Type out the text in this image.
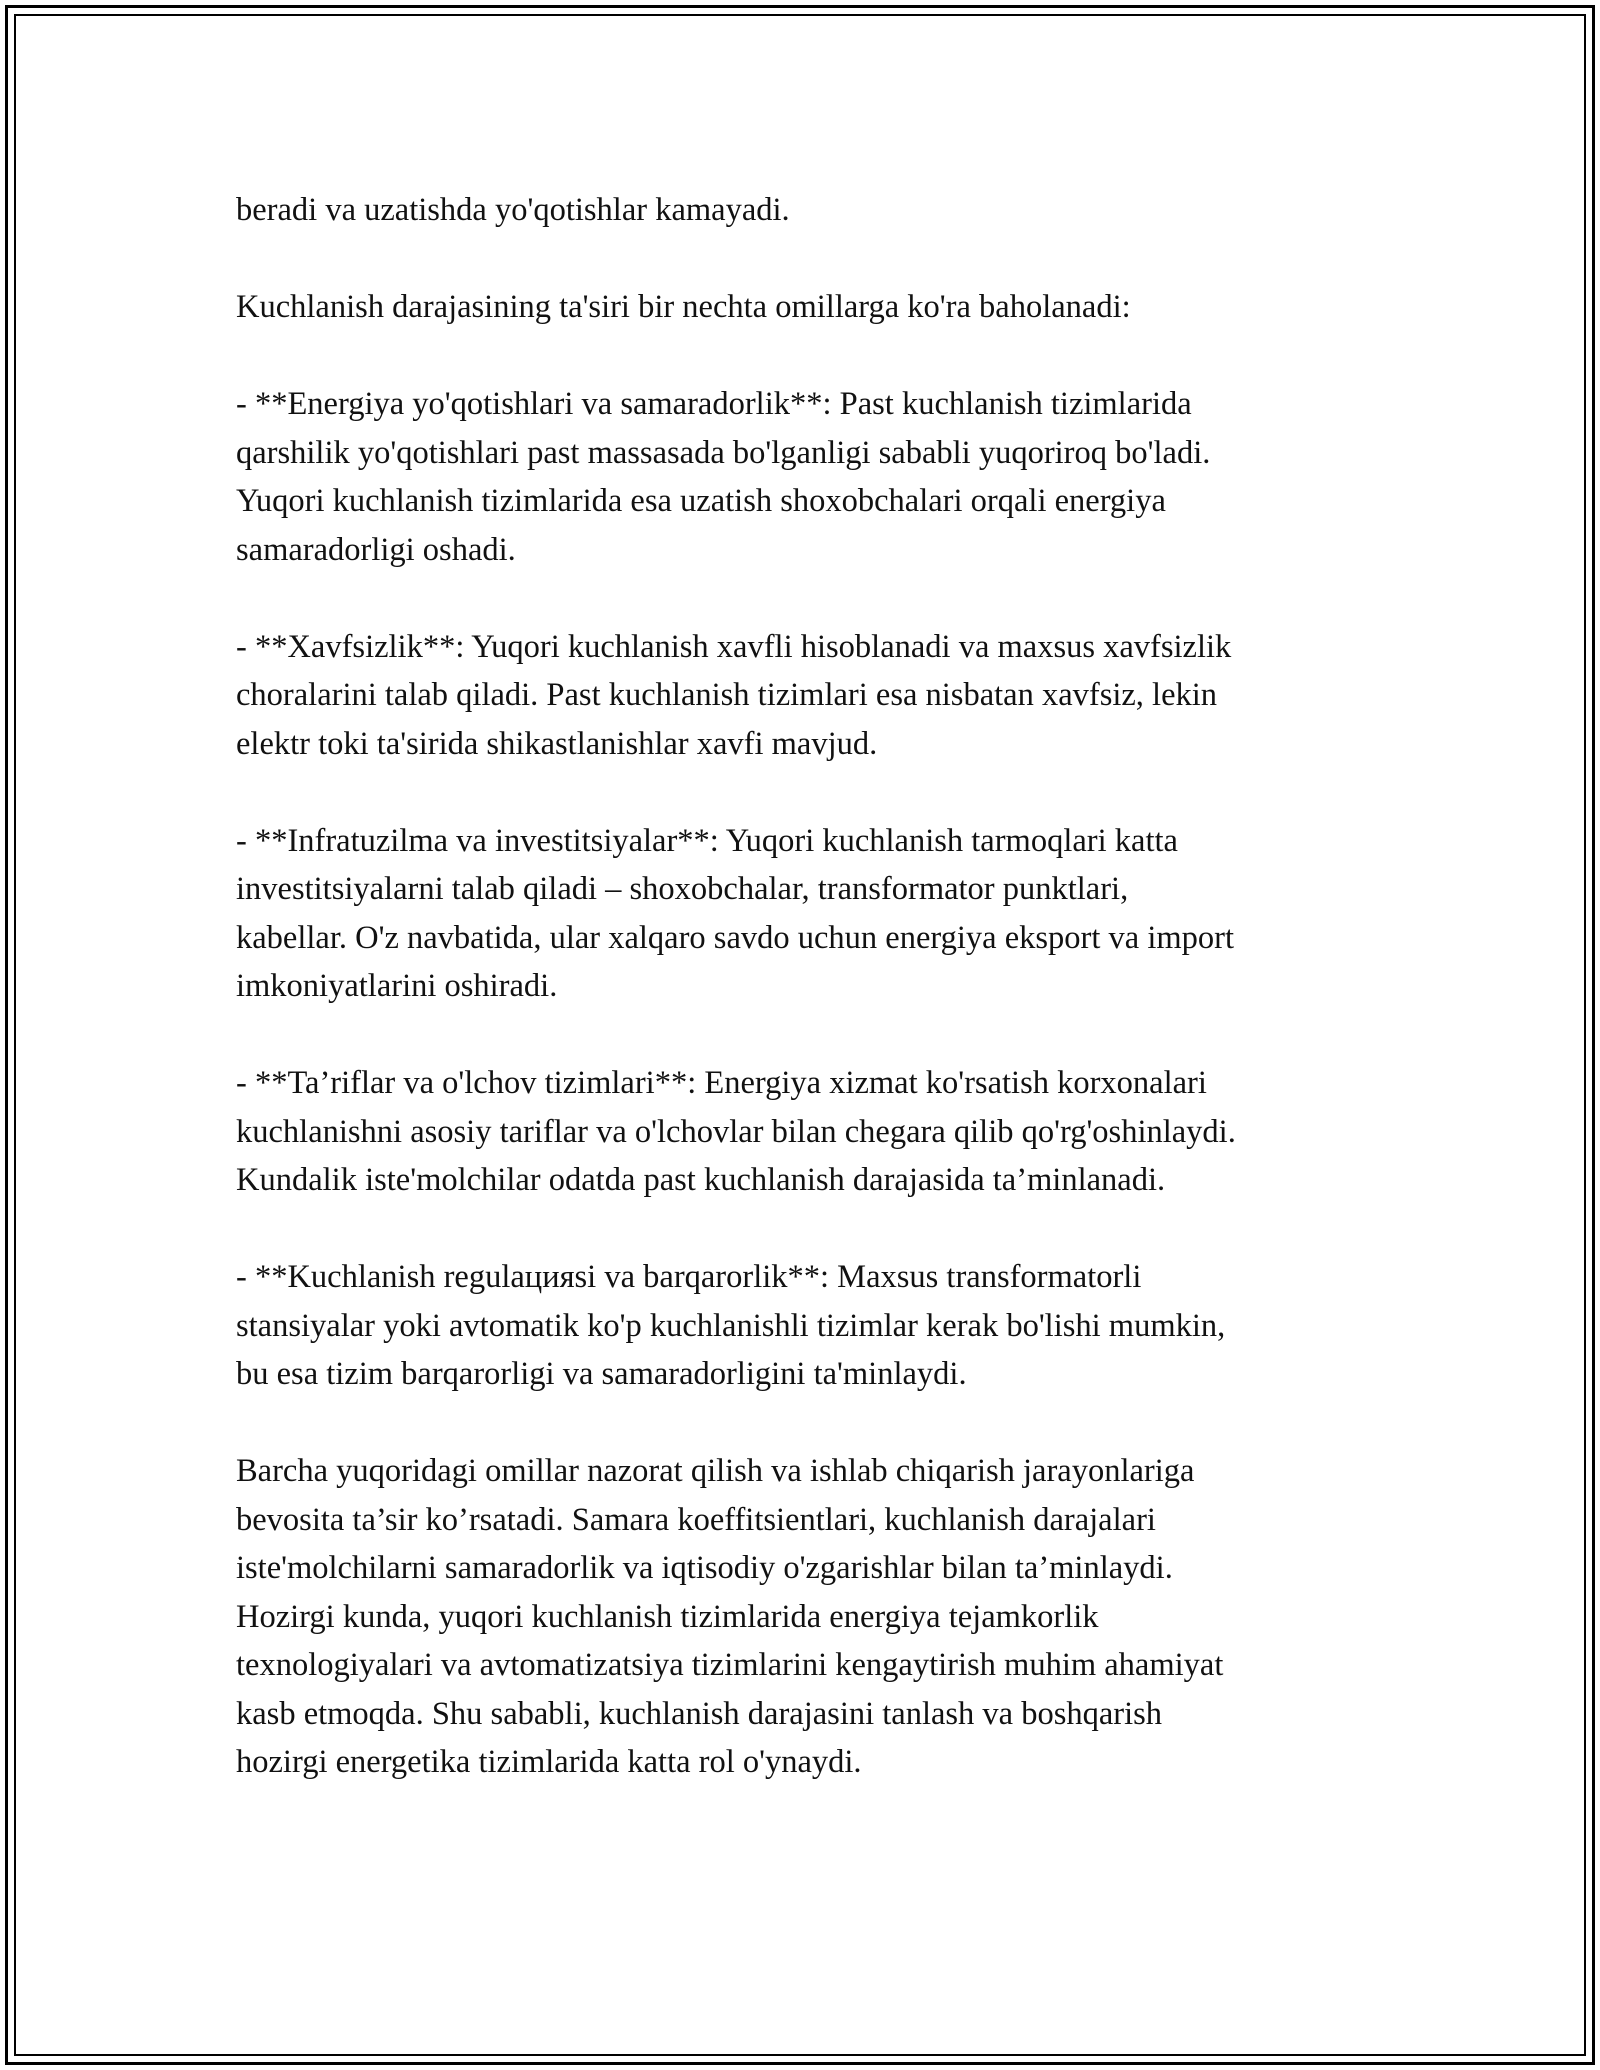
beradi va uzatishda yo'qotishlar kamayadi.

Kuchlanish darajasining ta'siri bir nechta omillarga ko'ra baholanadi:

- **Energiya yo'qotishlari va samaradorlik**: Past kuchlanish tizimlarida
qarshilik yo'qotishlari past massasada bo'lganligi sababli yuqoriroq bo'ladi.
Yuqori kuchlanish tizimlarida esa uzatish shoxobchalari orqali energiya
samaradorligi oshadi.

- **Xavfsizlik**: Yuqori kuchlanish xavfli hisoblanadi va maxsus xavfsizlik
choralarini talab qiladi. Past kuchlanish tizimlari esa nisbatan xavfsiz, lekin
elektr toki ta'sirida shikastlanishlar xavfi mavjud.

- **Infratuzilma va investitsiyalar**: Yuqori kuchlanish tarmoqlari katta
investitsiyalarni talab qiladi – shoxobchalar, transformator punktlari,
kabellar. O'z navbatida, ular xalqaro savdo uchun energiya eksport va import
imkoniyatlarini oshiradi.

- **Ta’riflar va o'lchov tizimlari**: Energiya xizmat ko'rsatish korxonalari
kuchlanishni asosiy tariflar va o'lchovlar bilan chegara qilib qo'rg'oshinlaydi.
Kundalik iste'molchilar odatda past kuchlanish darajasida ta’minlanadi.

- **Kuchlanish regulaцияsi va barqarorlik**: Maxsus transformatorli
stansiyalar yoki avtomatik ko'p kuchlanishli tizimlar kerak bo'lishi mumkin,
bu esa tizim barqarorligi va samaradorligini ta'minlaydi.

Barcha yuqoridagi omillar nazorat qilish va ishlab chiqarish jarayonlariga
bevosita ta’sir ko’rsatadi. Samara koeffitsientlari, kuchlanish darajalari
iste'molchilarni samaradorlik va iqtisodiy o'zgarishlar bilan ta’minlaydi.
Hozirgi kunda, yuqori kuchlanish tizimlarida energiya tejamkorlik
texnologiyalari va avtomatizatsiya tizimlarini kengaytirish muhim ahamiyat
kasb etmoqda. Shu sababli, kuchlanish darajasini tanlash va boshqarish
hozirgi energetika tizimlarida katta rol o'ynaydi.
